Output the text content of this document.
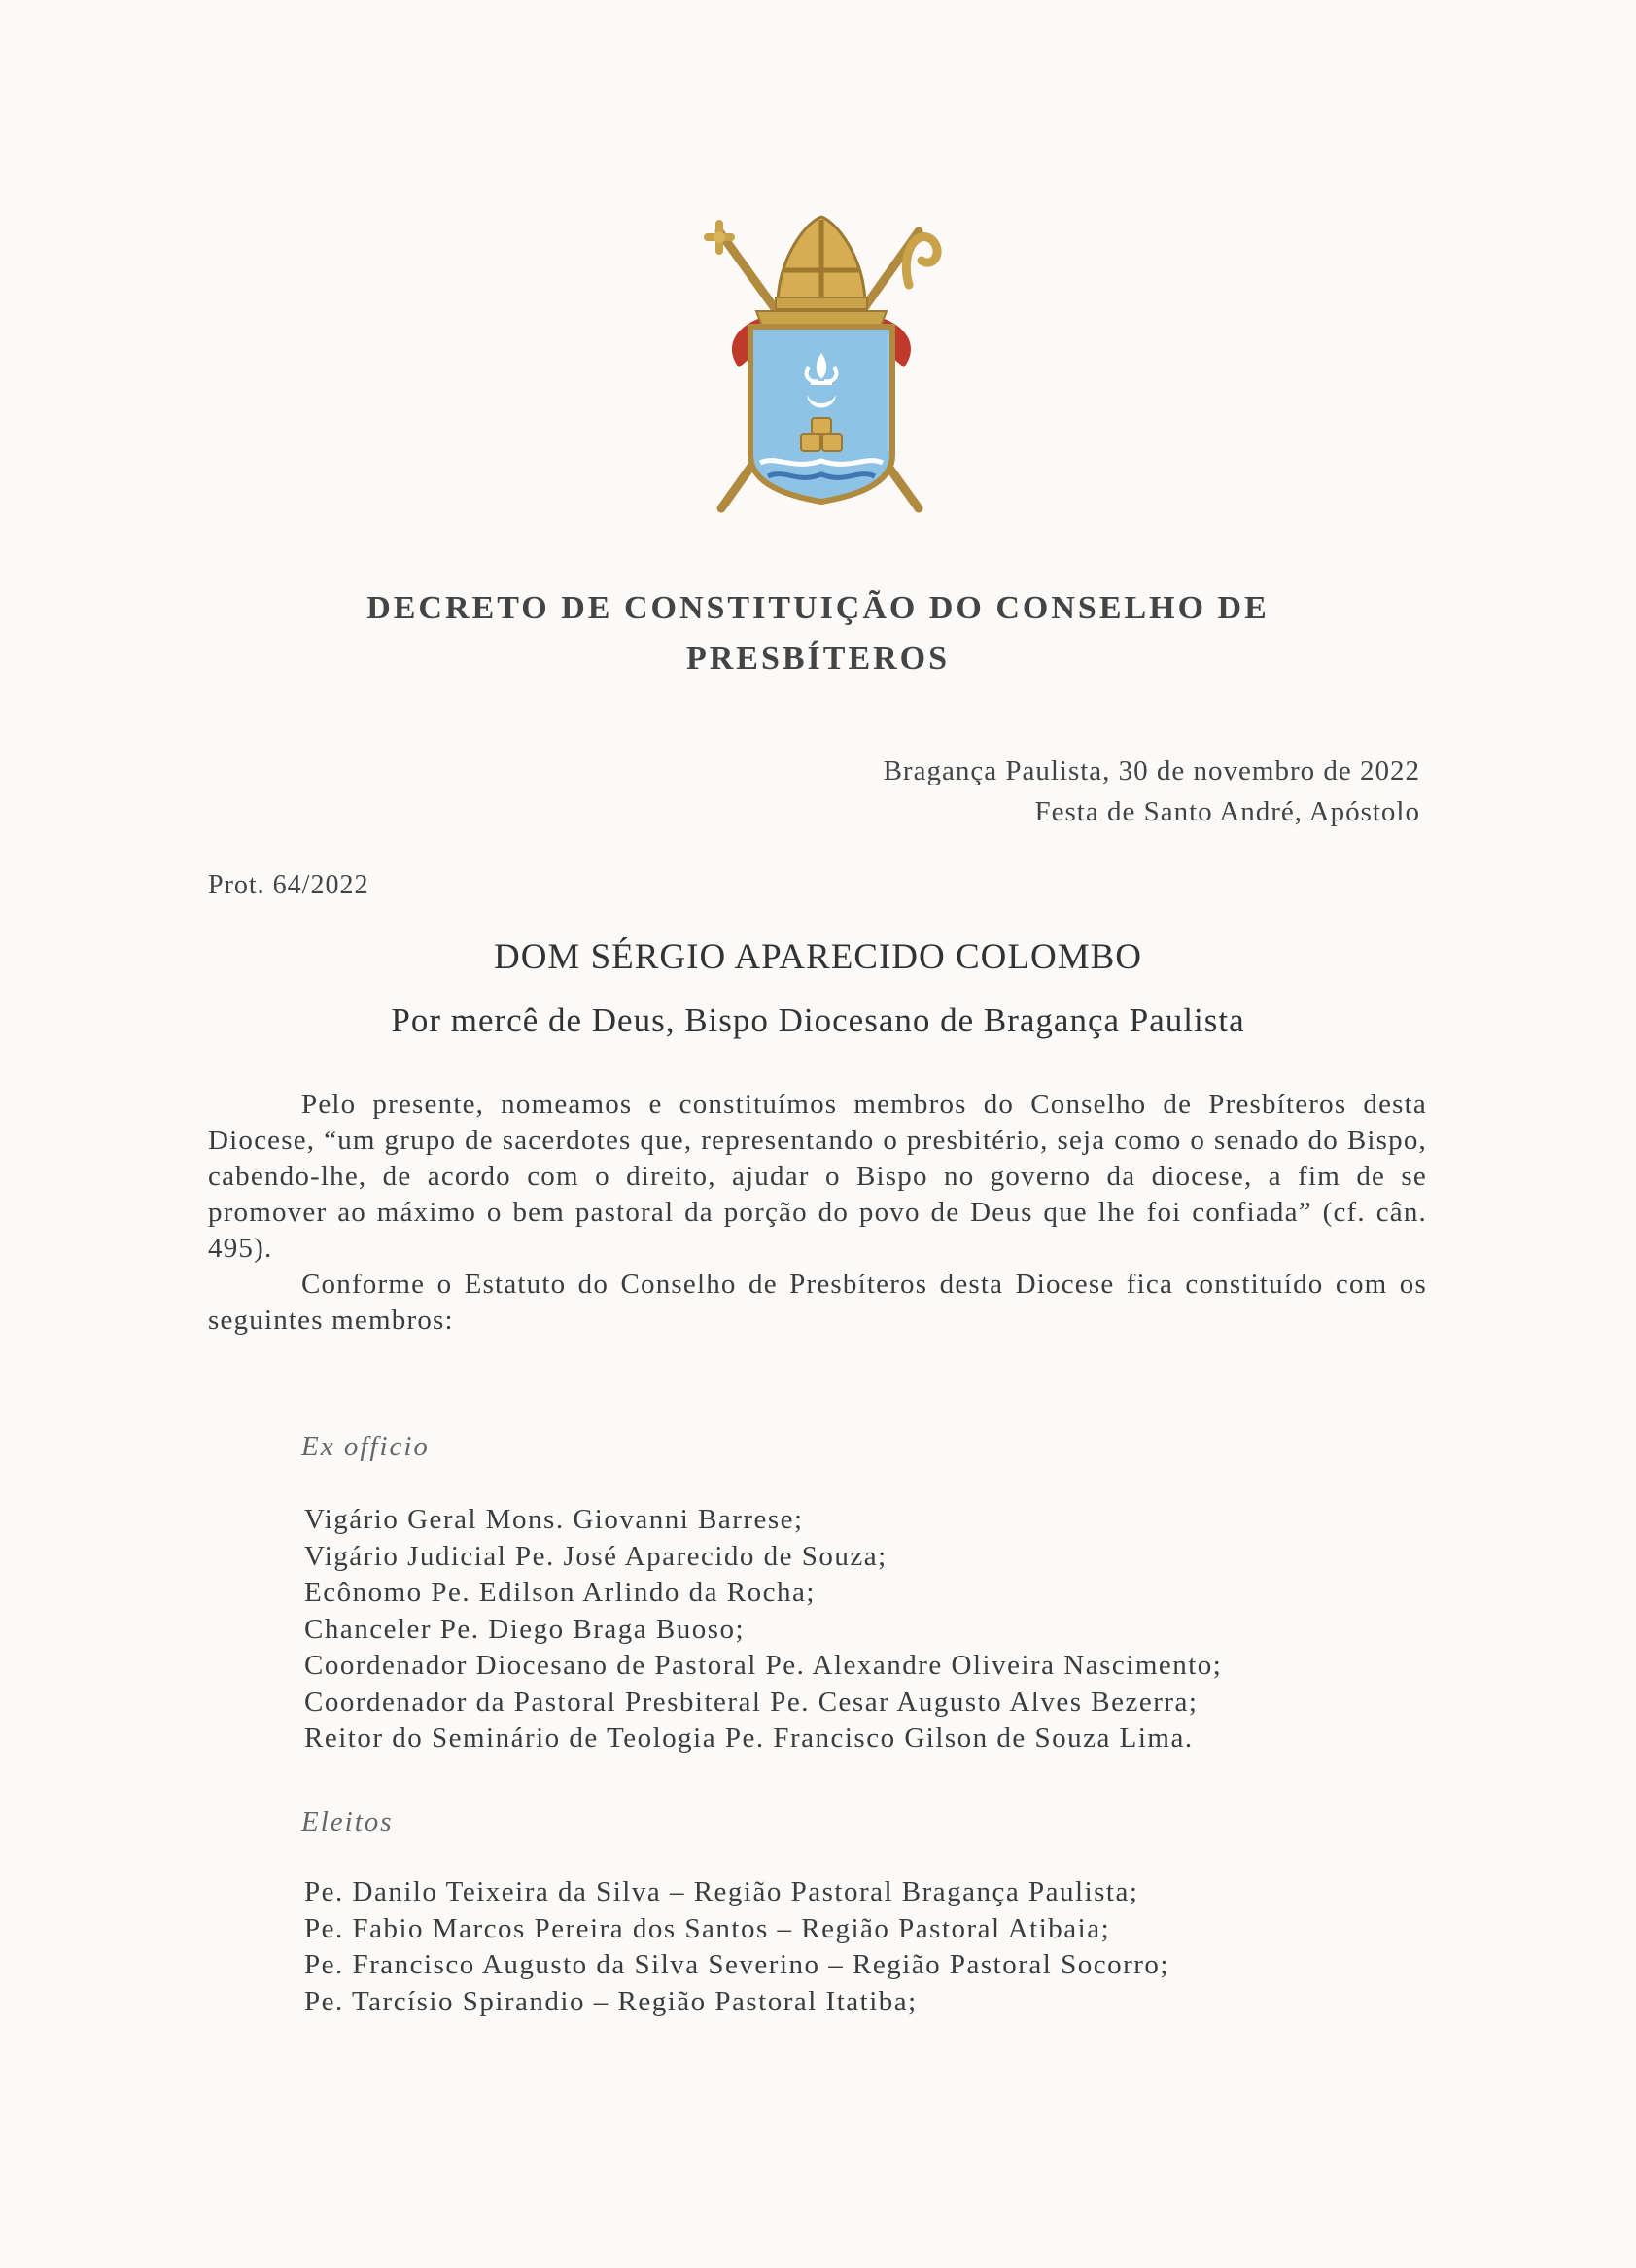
DECRETO DE CONSTITUIÇÃO DO CONSELHO DE
PRESBÍTEROS
Bragança Paulista, 30 de novembro de 2022
Festa de Santo André, Apóstolo
Prot. 64/2022
DOM SÉRGIO APARECIDO COLOMBO
Por mercê de Deus, Bispo Diocesano de Bragança Paulista

Pelo presente, nomeamos e constituímos membros do Conselho de Presbíteros desta Diocese, “um grupo de sacerdotes que, representando o presbitério, seja como o senado do Bispo, cabendo-lhe, de acordo com o direito, ajudar o Bispo no governo da diocese, a fim de se promover ao máximo o bem pastoral da porção do povo de Deus que lhe foi confiada” (cf. cân. 495).

Conforme o Estatuto do Conselho de Presbíteros desta Diocese fica constituído com os seguintes membros:

Ex officio
Vigário Geral Mons. Giovanni Barrese;
Vigário Judicial Pe. José Aparecido de Souza;
Ecônomo Pe. Edilson Arlindo da Rocha;
Chanceler Pe. Diego Braga Buoso;
Coordenador Diocesano de Pastoral Pe. Alexandre Oliveira Nascimento;
Coordenador da Pastoral Presbiteral Pe. Cesar Augusto Alves Bezerra;
Reitor do Seminário de Teologia Pe. Francisco Gilson de Souza Lima.
Eleitos
Pe. Danilo Teixeira da Silva – Região Pastoral Bragança Paulista;
Pe. Fabio Marcos Pereira dos Santos – Região Pastoral Atibaia;
Pe. Francisco Augusto da Silva Severino – Região Pastoral Socorro;
Pe. Tarcísio Spirandio – Região Pastoral Itatiba;
